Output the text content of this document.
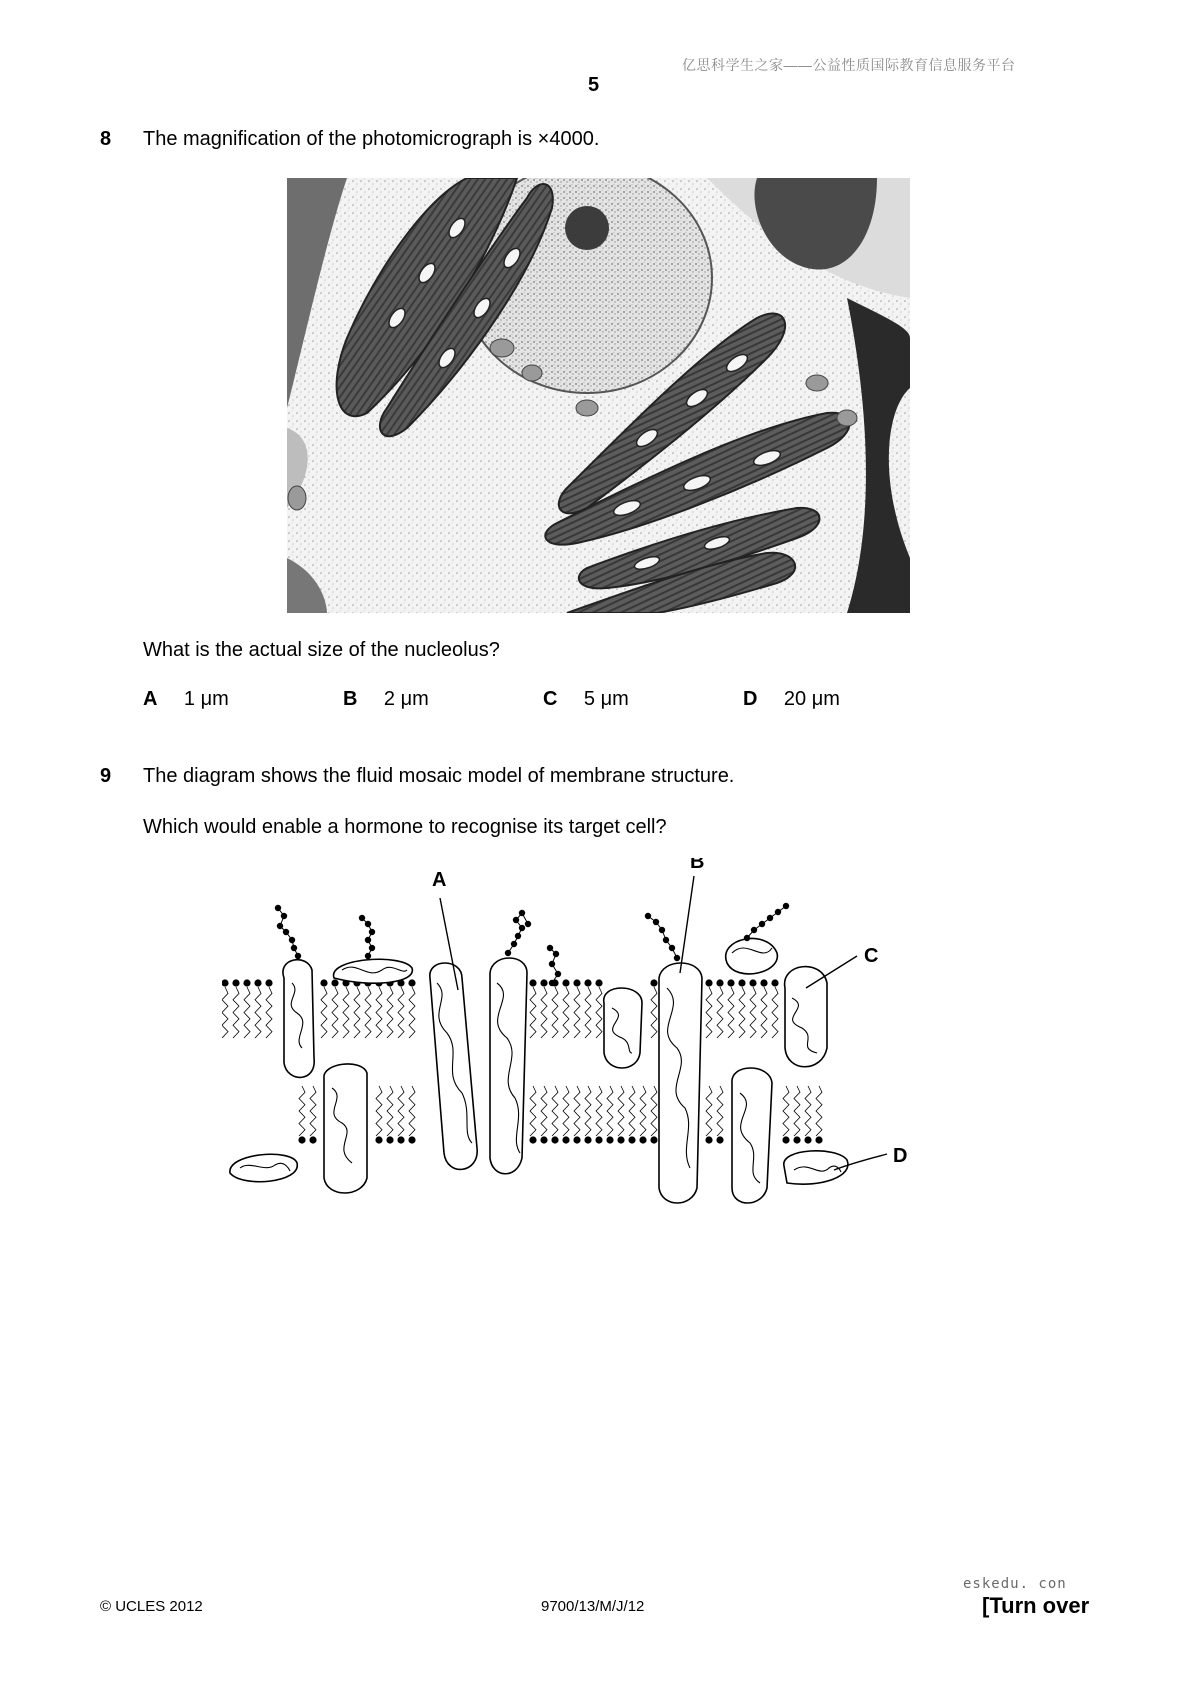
亿思科学生之家——公益性质国际教育信息服务平台
5
8 The magnification of the photomicrograph is ×4000.
What is the actual size of the nucleolus?
A 1 μm	B 2 μm	C 5 μm	D 20 μm
9 The diagram shows the fluid mosaic model of membrane structure.
Which would enable a hormone to recognise its target cell?
A
B
C
D
eskedu. con
© UCLES 2012	9700/13/M/J/12	[Turn over
